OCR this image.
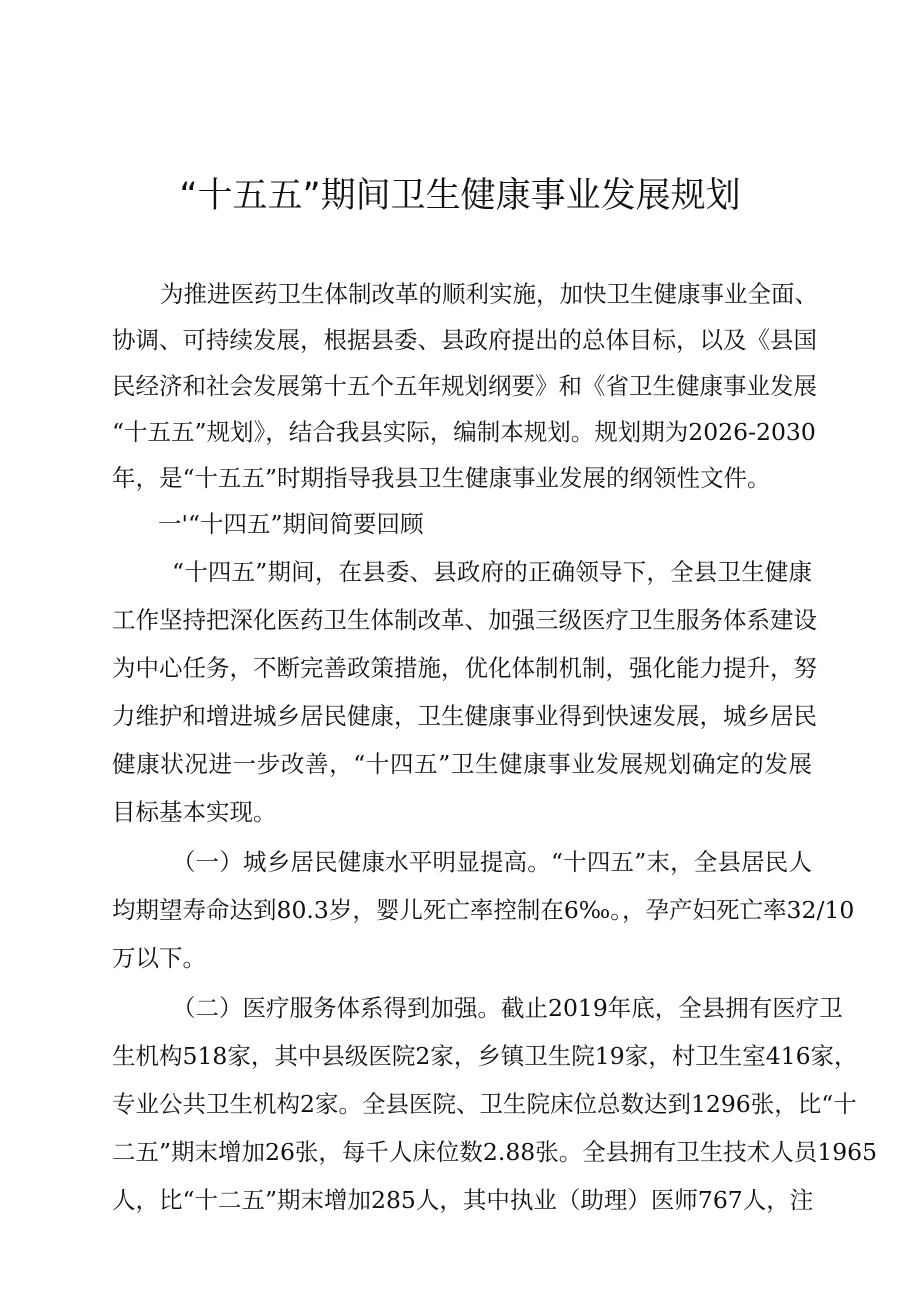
“十五五”期间卫生健康事业发展规划
为推进医药卫生体制改革的顺利实施，加快卫生健康事业全面、
协调、可持续发展，根据县委、县政府提出的总体目标，以及《县国
民经济和社会发展第十五个五年规划纲要》和《省卫生健康事业发展
“十五五”规划》，结合我县实际，编制本规划。规划期为2026-2030
年，是“十五五”时期指导我县卫生健康事业发展的纲领性文件。
一'“十四五”期间简要回顾
“十四五”期间，在县委、县政府的正确领导下，全县卫生健康
工作坚持把深化医药卫生体制改革、加强三级医疗卫生服务体系建设
为中心任务，不断完善政策措施，优化体制机制，强化能力提升，努
力维护和增进城乡居民健康，卫生健康事业得到快速发展，城乡居民
健康状况进一步改善，“十四五”卫生健康事业发展规划确定的发展
目标基本实现。
（一）城乡居民健康水平明显提高。“十四五”末，全县居民人
均期望寿命达到80.3岁，婴儿死亡率控制在6‰。，孕产妇死亡率32/10
万以下。
（二）医疗服务体系得到加强。截止2019年底，全县拥有医疗卫
生机构518家，其中县级医院2家，乡镇卫生院19家，村卫生室416家，
专业公共卫生机构2家。全县医院、卫生院床位总数达到1296张，比“十
二五”期末增加26张，每千人床位数2.88张。全县拥有卫生技术人员1965
人，比“十二五”期末增加285人，其中执业（助理）医师767人，注
